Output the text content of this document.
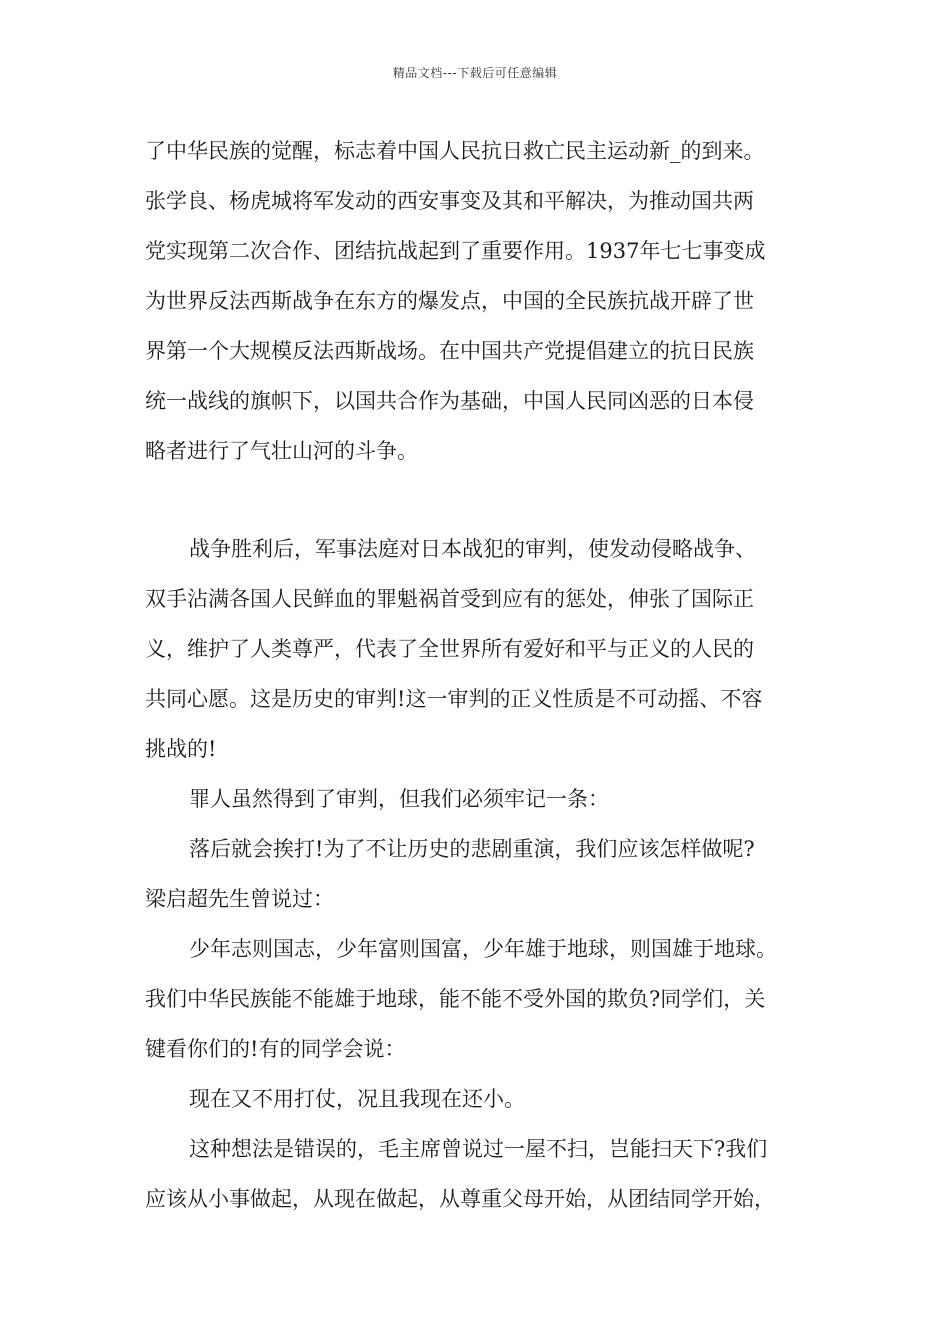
精品文档---下载后可任意编辑
了中华民族的觉醒，标志着中国人民抗日救亡民主运动新_的到来。
张学良、杨虎城将军发动的西安事变及其和平解决，为推动国共两
党实现第二次合作、团结抗战起到了重要作用。1937年七七事变成
为世界反法西斯战争在东方的爆发点，中国的全民族抗战开辟了世
界第一个大规模反法西斯战场。在中国共产党提倡建立的抗日民族
统一战线的旗帜下，以国共合作为基础，中国人民同凶恶的日本侵
略者进行了气壮山河的斗争。
战争胜利后，军事法庭对日本战犯的审判，使发动侵略战争、
双手沾满各国人民鲜血的罪魁祸首受到应有的惩处，伸张了国际正
义，维护了人类尊严，代表了全世界所有爱好和平与正义的人民的
共同心愿。这是历史的审判!这一审判的正义性质是不可动摇、不容
挑战的!
罪人虽然得到了审判，但我们必须牢记一条：
落后就会挨打!为了不让历史的悲剧重演，我们应该怎样做呢?
梁启超先生曾说过：
少年志则国志，少年富则国富，少年雄于地球，则国雄于地球。
我们中华民族能不能雄于地球，能不能不受外国的欺负?同学们，关
键看你们的!有的同学会说：
现在又不用打仗，况且我现在还小。
这种想法是错误的，毛主席曾说过一屋不扫，岂能扫天下?我们
应该从小事做起，从现在做起，从尊重父母开始，从团结同学开始，
